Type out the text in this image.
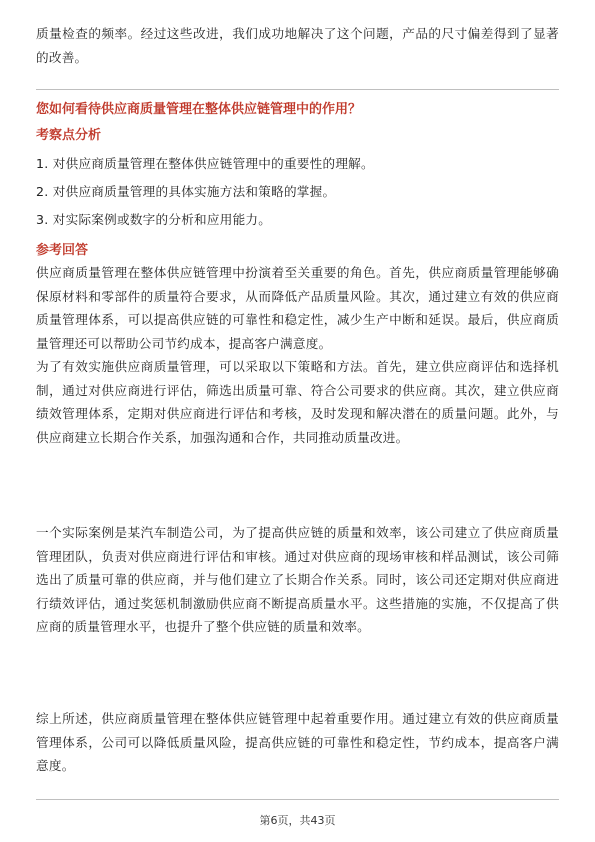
质量检查的频率。经过这些改进，我们成功地解决了这个问题，产品的尺寸偏差得到了显著的改善。

您如何看待供应商质量管理在整体供应链管理中的作用？

考察点分析

1. 对供应商质量管理在整体供应链管理中的重要性的理解。

2. 对供应商质量管理的具体实施方法和策略的掌握。

3. 对实际案例或数字的分析和应用能力。

参考回答

供应商质量管理在整体供应链管理中扮演着至关重要的角色。首先，供应商质量管理能够确保原材料和零部件的质量符合要求，从而降低产品质量风险。其次，通过建立有效的供应商质量管理体系，可以提高供应链的可靠性和稳定性，减少生产中断和延误。最后，供应商质量管理还可以帮助公司节约成本，提高客户满意度。

为了有效实施供应商质量管理，可以采取以下策略和方法。首先，建立供应商评估和选择机制，通过对供应商进行评估，筛选出质量可靠、符合公司要求的供应商。其次，建立供应商绩效管理体系，定期对供应商进行评估和考核，及时发现和解决潜在的质量问题。此外，与供应商建立长期合作关系，加强沟通和合作，共同推动质量改进。

一个实际案例是某汽车制造公司，为了提高供应链的质量和效率，该公司建立了供应商质量管理团队，负责对供应商进行评估和审核。通过对供应商的现场审核和样品测试，该公司筛选出了质量可靠的供应商，并与他们建立了长期合作关系。同时，该公司还定期对供应商进行绩效评估，通过奖惩机制激励供应商不断提高质量水平。这些措施的实施，不仅提高了供应商的质量管理水平，也提升了整个供应链的质量和效率。

综上所述，供应商质量管理在整体供应链管理中起着重要作用。通过建立有效的供应商质量管理体系，公司可以降低质量风险，提高供应链的可靠性和稳定性，节约成本，提高客户满意度。

第6页，共43页
